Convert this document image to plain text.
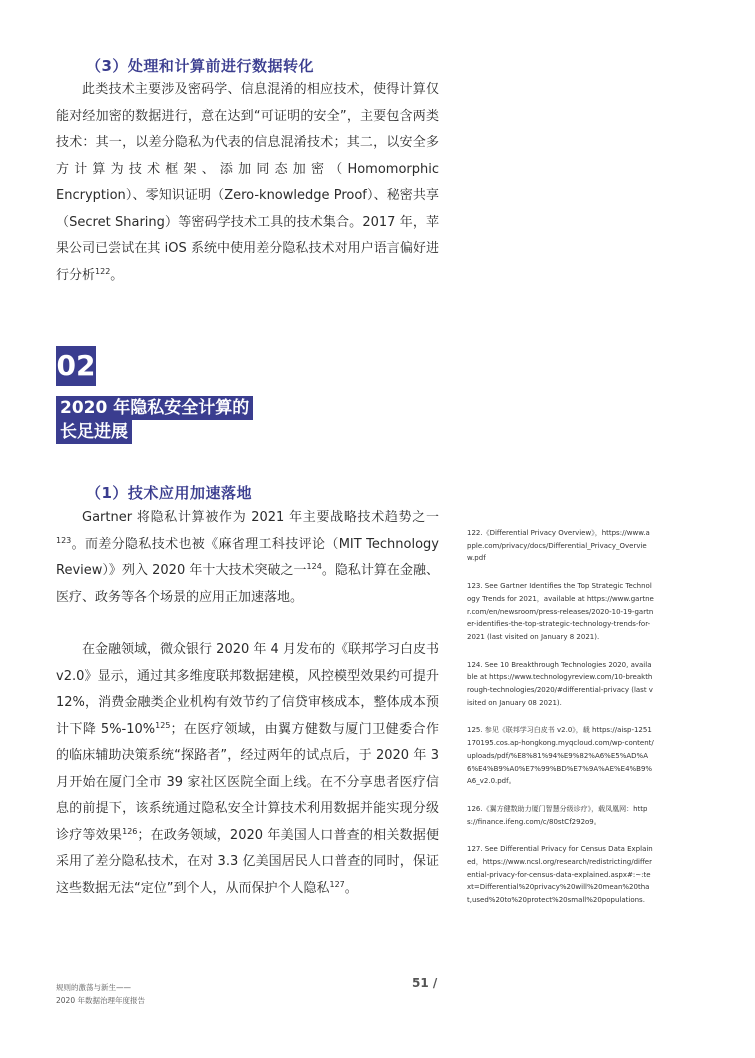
（3）处理和计算前进行数据转化

此类技术主要涉及密码学、信息混淆的相应技术，使得计算仅能对经加密的数据进行，意在达到“可证明的安全”，主要包含两类技术：其一，以差分隐私为代表的信息混淆技术；其二，以安全多方计算为技术框架、添加同态加密（Homomorphic Encryption）、零知识证明（Zero-knowledge Proof）、秘密共享（Secret Sharing）等密码学技术工具的技术集合。2017 年，苹果公司已尝试在其 iOS 系统中使用差分隐私技术对用户语言偏好进行分析$^{122}$。

02
2020 年隐私安全计算的
长足进展
（1）技术应用加速落地

Gartner 将隐私计算被作为 2021 年主要战略技术趋势之一$^{123}$。而差分隐私技术也被《麻省理工科技评论（MIT Technology Review）》列入 2020 年十大技术突破之一$^{124}$。隐私计算在金融、医疗、政务等各个场景的应用正加速落地。

在金融领域，微众银行 2020 年 4 月发布的《联邦学习白皮书 v2.0》显示，通过其多维度联邦数据建模，风控模型效果约可提升 12%，消费金融类企业机构有效节约了信贷审核成本，整体成本预计下降 5%-10%$^{125}$；在医疗领域，由翼方健数与厦门卫健委合作的临床辅助决策系统“探路者”，经过两年的试点后，于 2020 年 3 月开始在厦门全市 39 家社区医院全面上线。在不分享患者医疗信息的前提下，该系统通过隐私安全计算技术利用数据并能实现分级诊疗等效果$^{126}$；在政务领域，2020 年美国人口普查的相关数据便采用了差分隐私技术，在对 3.3 亿美国居民人口普查的同时，保证这些数据无法“定位”到个人，从而保护个人隐私$^{127}$。

122.《Differential Privacy Overview》，https://www.apple.com/privacy/docs/Differential_Privacy_Overview.pdf

123. See Gartner Identifies the Top Strategic Technology Trends for 2021，available at https://www.gartner.com/en/newsroom/press-releases/2020-10-19-gartner-identifies-the-top-strategic-technology-trends-for-2021 (last visited on January 8 2021).

124. See 10 Breakthrough Technologies 2020, available at https://www.technologyreview.com/10-breakthrough-technologies/2020/#differential-privacy (last visited on January 08 2021).

125. 参见《联邦学习白皮书 v2.0》，载 https://aisp-1251170195.cos.ap-hongkong.myqcloud.com/wp-content/uploads/pdf/%E8%81%94%E9%82%A6%E5%AD%A6%E4%B9%A0%E7%99%BD%E7%9A%AE%E4%B9%A6_v2.0.pdf。

126.《翼方健数助力厦门智慧分级诊疗》，载凤凰网：https://finance.ifeng.com/c/80stCf292o9。

127. See Differential Privacy for Census Data Explained，https://www.ncsl.org/research/redistricting/differential-privacy-for-census-data-explained.aspx#:~:text=Differential%20privacy%20will%20mean%20that,used%20to%20protect%20small%20populations.

规则的激荡与新生——
2020 年数据治理年度报告
51 /
